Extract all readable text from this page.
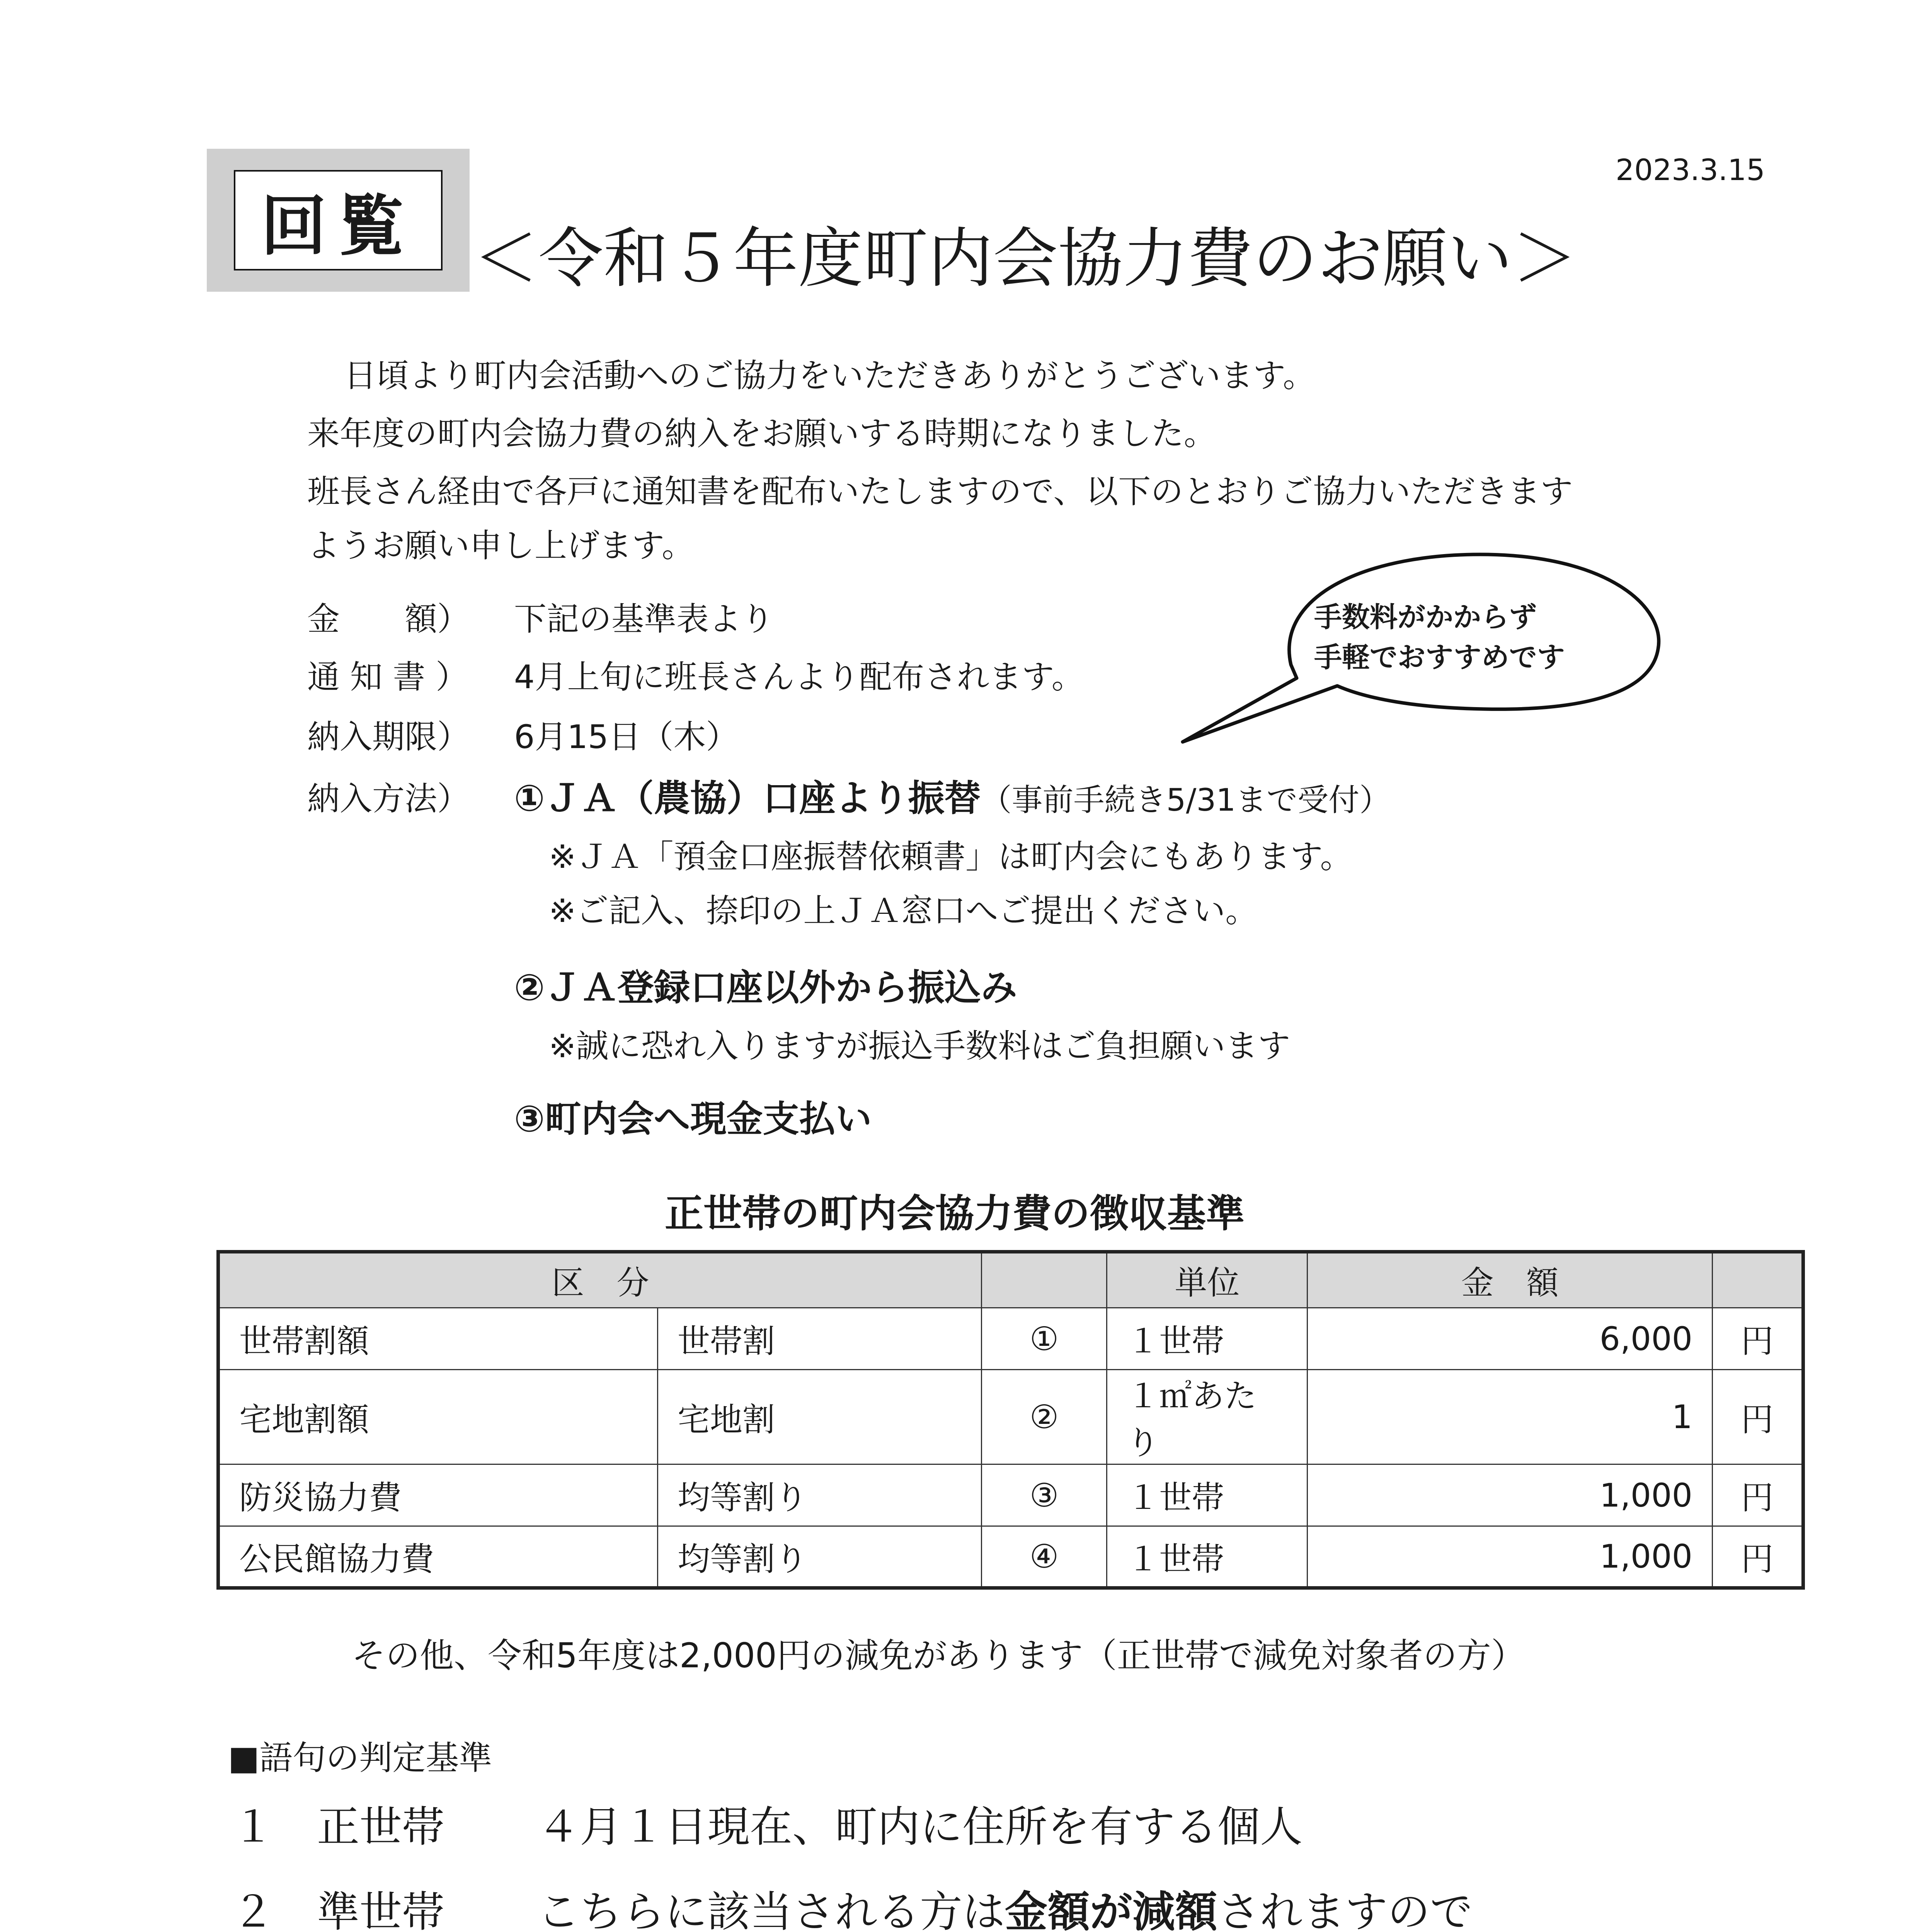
2023.3.15
回覧 ＜令和５年度町内会協力費のお願い＞
日頃より町内会活動へのご協力をいただきありがとうございます。
来年度の町内会協力費の納入をお願いする時期になりました。
班長さん経由で各戸に通知書を配布いたしますので、以下のとおりご協力いただきます
ようお願い申し上げます。
金　　額） 下記の基準表より
通 知 書 ） 4月上旬に班長さんより配布されます。
納入期限） 6月15日（木）
納入方法） ①ＪＡ（農協）口座より振替（事前手続き5/31まで受付）
※ＪＡ「預金口座振替依頼書」は町内会にもあります。
※ご記入、捺印の上ＪＡ窓口へご提出ください。
②ＪＡ登録口座以外から振込み
※誠に恐れ入りますが振込手数料はご負担願います
③町内会へ現金支払い
手数料がかからず
手軽でおすすめです
正世帯の町内会協力費の徴収基準
区　分			単位	金　額	
世帯割額	世帯割	①	１世帯	6,000	円
宅地割額	宅地割	②	１㎡あたり	1	円
防災協力費	均等割り	③	１世帯	1,000	円
公民館協力費	均等割り	④	１世帯	1,000	円
その他、令和5年度は2,000円の減免があります（正世帯で減免対象者の方）
■語句の判定基準
１ 正世帯 ４月１日現在、町内に住所を有する個人
２ 準世帯 こちらに該当される方は金額が減額されますので
